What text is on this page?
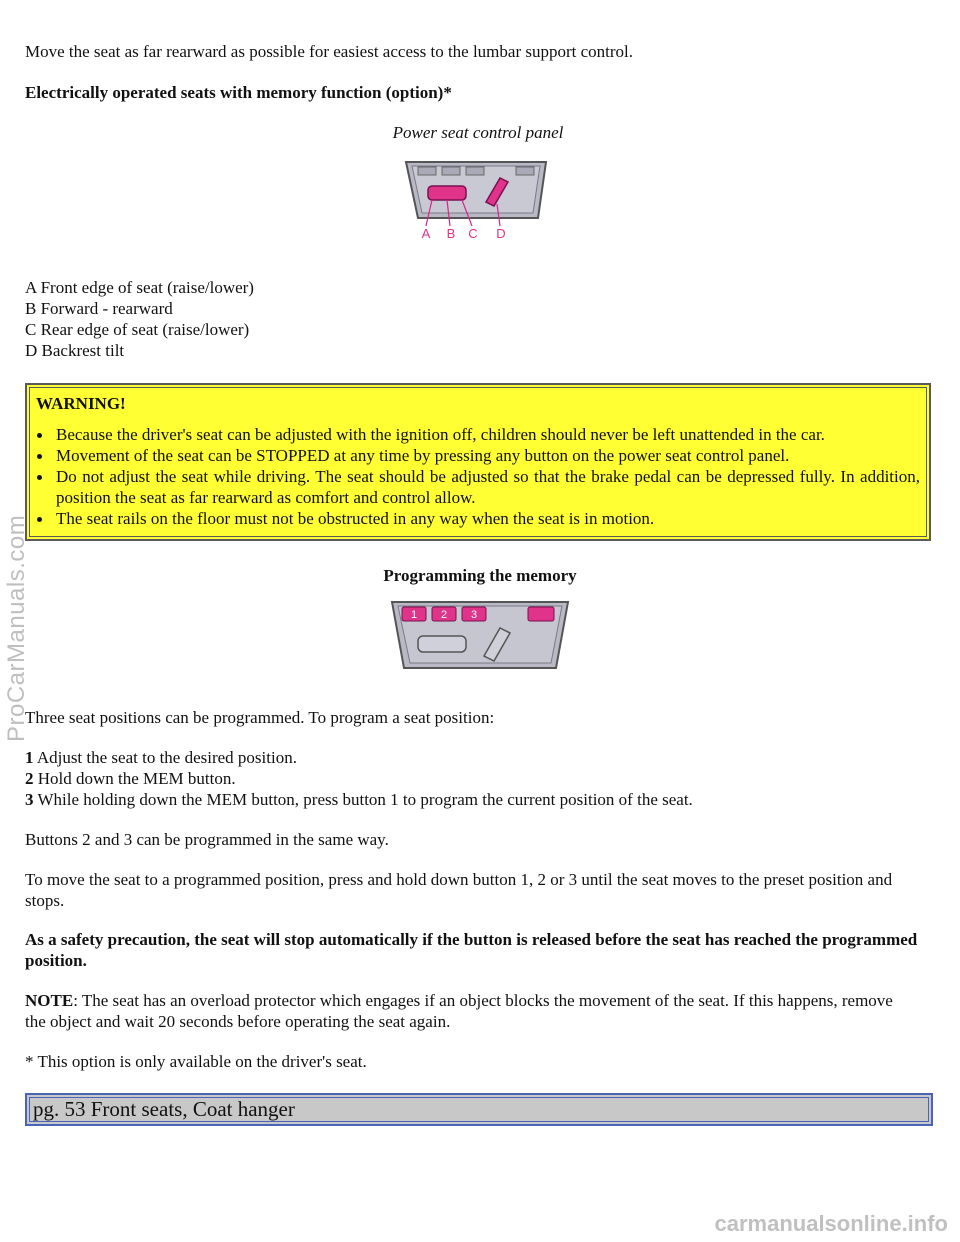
Move the seat as far rearward as possible for easiest access to the lumbar support control.

Electrically operated seats with memory function (option)*

Power seat control panel

A B C D

A Front edge of seat (raise/lower)

B Forward - rearward

C Rear edge of seat (raise/lower)

D Backrest tilt

WARNING!

Because the driver's seat can be adjusted with the ignition off, children should never be left unattended in the car.
Movement of the seat can be STOPPED at any time by pressing any button on the power seat control panel.
Do not adjust the seat while driving. The seat should be adjusted so that the brake pedal can be depressed fully. In addition, position the seat as far rearward as comfort and control allow.
The seat rails on the floor must not be obstructed in any way when the seat is in motion.

Programming the memory

1 2 3

Three seat positions can be programmed. To program a seat position:

1 Adjust the seat to the desired position.

2 Hold down the MEM button.

3 While holding down the MEM button, press button 1 to program the current position of the seat.

Buttons 2 and 3 can be programmed in the same way.

To move the seat to a programmed position, press and hold down button 1, 2 or 3 until the seat moves to the preset position and stops.

As a safety precaution, the seat will stop automatically if the button is released before the seat has reached the programmed position.

NOTE: The seat has an overload protector which engages if an object blocks the movement of the seat. If this happens, remove the object and wait 20 seconds before operating the seat again.

* This option is only available on the driver's seat.

pg. 53 Front seats, Coat hanger
ProCarManuals.com
carmanualsonline.info
